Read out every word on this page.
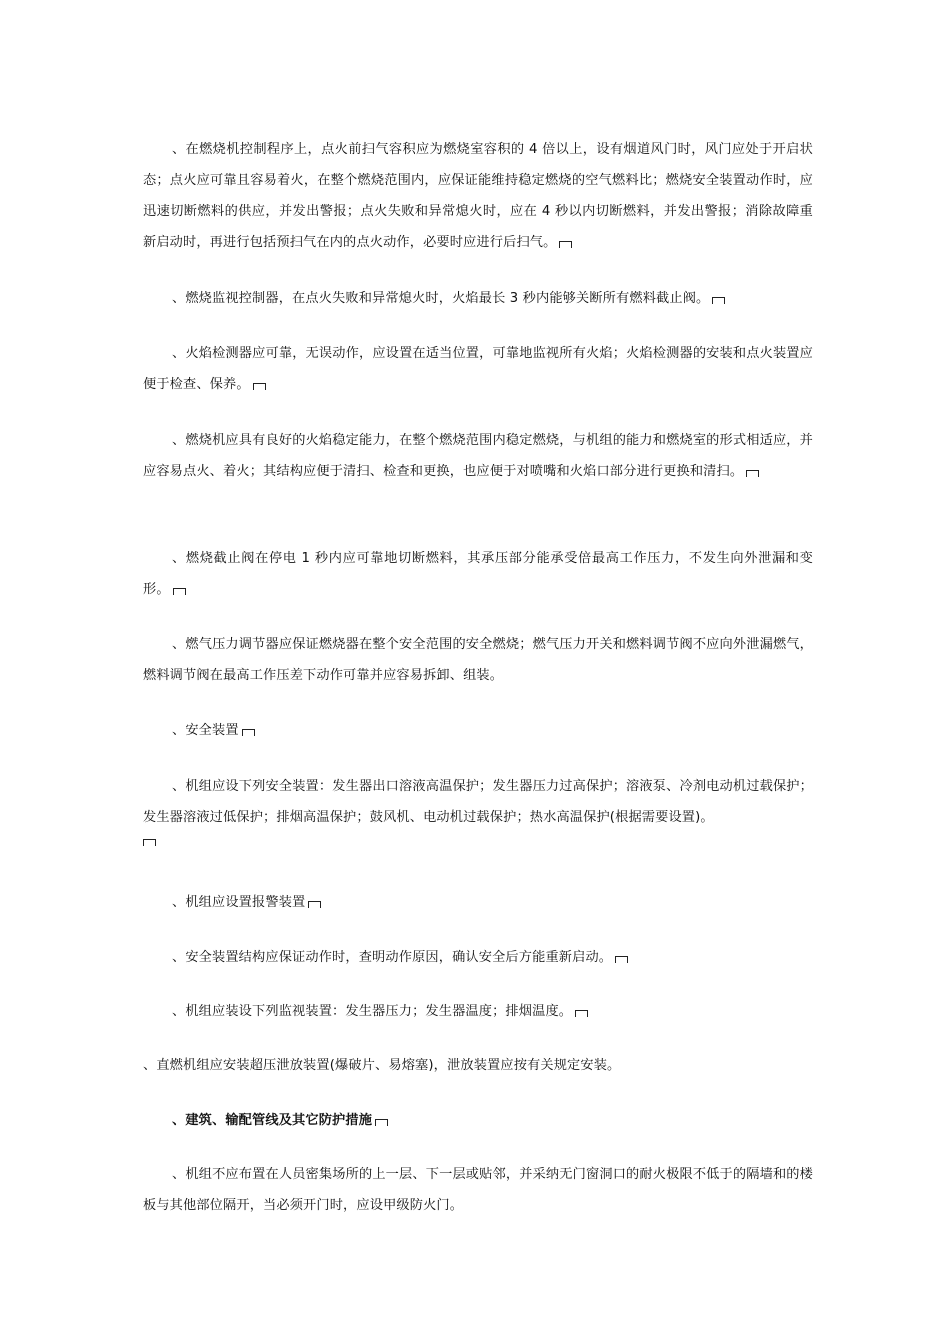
、在燃烧机控制程序上，点火前扫气容积应为燃烧室容积的 4 倍以上，设有烟道风门时，风门应处于开启状态；点火应可靠且容易着火，在整个燃烧范围内，应保证能维持稳定燃烧的空气燃料比；燃烧安全装置动作时，应迅速切断燃料的供应，并发出警报；点火失败和异常熄火时，应在 4 秒以内切断燃料，并发出警报；消除故障重新启动时，再进行包括预扫气在内的点火动作，必要时应进行后扫气。

、燃烧监视控制器，在点火失败和异常熄火时，火焰最长 3 秒内能够关断所有燃料截止阀。

、火焰检测器应可靠，无误动作，应设置在适当位置，可靠地监视所有火焰；火焰检测器的安装和点火装置应便于检查、保养。

、燃烧机应具有良好的火焰稳定能力，在整个燃烧范围内稳定燃烧，与机组的能力和燃烧室的形式相适应，并应容易点火、着火；其结构应便于清扫、检查和更换，也应便于对喷嘴和火焰口部分进行更换和清扫。

、燃烧截止阀在停电 1 秒内应可靠地切断燃料，其承压部分能承受倍最高工作压力，不发生向外泄漏和变形。

、燃气压力调节器应保证燃烧器在整个安全范围的安全燃烧；燃气压力开关和燃料调节阀不应向外泄漏燃气，燃料调节阀在最高工作压差下动作可靠并应容易拆卸、组装。

、安全装置

、机组应设下列安全装置：发生器出口溶液高温保护；发生器压力过高保护；溶液泵、冷剂电动机过载保护；发生器溶液过低保护；排烟高温保护；鼓风机、电动机过载保护；热水高温保护(根据需要设置)。

、机组应设置报警装置

、安全装置结构应保证动作时，查明动作原因，确认安全后方能重新启动。

、机组应装设下列监视装置：发生器压力；发生器温度；排烟温度。

、直燃机组应安装超压泄放装置(爆破片、易熔塞)，泄放装置应按有关规定安装。

、建筑、输配管线及其它防护措施

、机组不应布置在人员密集场所的上一层、下一层或贴邻，并采纳无门窗洞口的耐火极限不低于的隔墙和的楼板与其他部位隔开，当必须开门时，应设甲级防火门。
